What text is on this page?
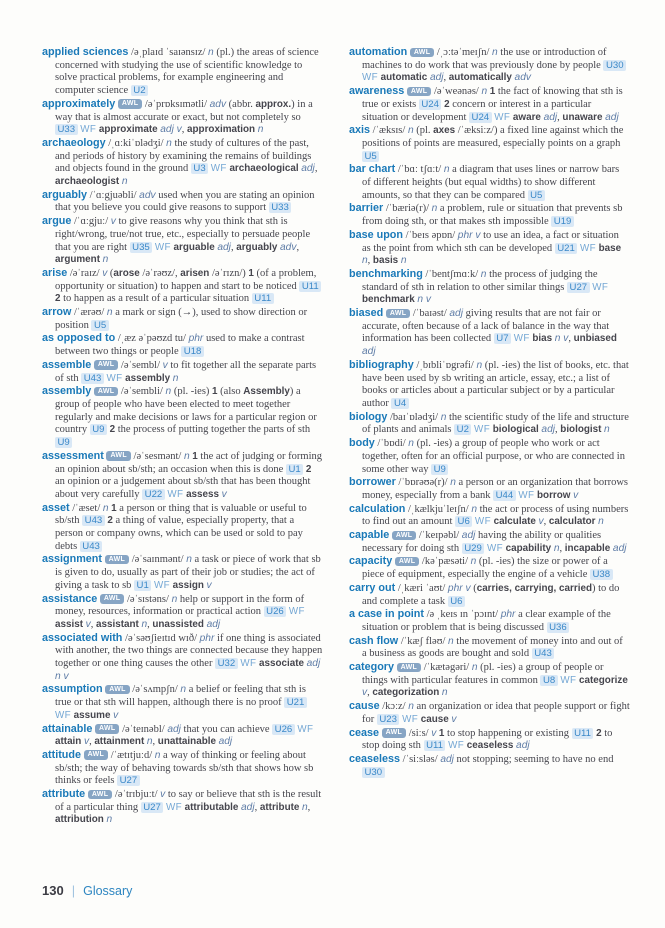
applied sciences /əˌplaɪd ˈsaɪənsɪz/ n (pl.) the areas of science concerned with studying the use of scientific knowledge to solve practical problems, for example engineering and computer science U2

approximately AWL /əˈprɒksɪmətli/ adv (abbr. approx.) in a way that is almost accurate or exact, but not completely so U33 WF approximate adj v, approximation n

archaeology /ˌɑːkiˈɒlədʒi/ n the study of cultures of the past, and periods of history by examining the remains of buildings and objects found in the ground U3 WF archaeological adj, archaeologist n

arguably /ˈɑːgjuəbli/ adv used when you are stating an opinion that you believe you could give reasons to support U33

argue /ˈɑːgjuː/ v to give reasons why you think that sth is right/wrong, true/not true, etc., especially to persuade people that you are right U35 WF arguable adj, arguably adv, argument n

arise /əˈraɪz/ v (arose /əˈrəʊz/, arisen /əˈrɪzn/) 1 (of a problem, opportunity or situation) to happen and start to be noticed U11 2 to happen as a result of a particular situation U11

arrow /ˈærəʊ/ n a mark or sign (→), used to show direction or position U5

as opposed to /ˌæz əˈpəʊzd tu/ phr used to make a contrast between two things or people U18

assemble AWL /əˈsembl/ v to fit together all the separate parts of sth U43 WF assembly n

assembly AWL /əˈsembli/ n (pl. -ies) 1 (also Assembly) a group of people who have been elected to meet together regularly and make decisions or laws for a particular region or country U9 2 the process of putting together the parts of sth U9

assessment AWL /əˈsesmənt/ n 1 the act of judging or forming an opinion about sb/sth; an occasion when this is done U1 2 an opinion or a judgement about sb/sth that has been thought about very carefully U22 WF assess v

asset /ˈæset/ n 1 a person or thing that is valuable or useful to sb/sth U43 2 a thing of value, especially property, that a person or company owns, which can be used or sold to pay debts U43

assignment AWL /əˈsaɪnmənt/ n a task or piece of work that sb is given to do, usually as part of their job or studies; the act of giving a task to sb U1 WF assign v

assistance AWL /əˈsɪstəns/ n help or support in the form of money, resources, information or practical action U26 WF assist v, assistant n, unassisted adj

associated with /əˈsəʊʃieɪtɪd wɪð/ phr if one thing is associated with another, the two things are connected because they happen together or one thing causes the other U32 WF associate adj n v

assumption AWL /əˈsʌmpʃn/ n a belief or feeling that sth is true or that sth will happen, although there is no proof U21 WF assume v

attainable AWL /əˈteɪnəbl/ adj that you can achieve U26 WF attain v, attainment n, unattainable adj

attitude AWL /ˈætɪtjuːd/ n a way of thinking or feeling about sb/sth; the way of behaving towards sb/sth that shows how sb thinks or feels U27

attribute AWL /əˈtrɪbjuːt/ v to say or believe that sth is the result of a particular thing U27 WF attributable adj, attribute n, attribution n

automation AWL /ˌɔːtəˈmeɪʃn/ n the use or introduction of machines to do work that was previously done by people U30 WF automatic adj, automatically adv

awareness AWL /əˈweənəs/ n 1 the fact of knowing that sth is true or exists U24 2 concern or interest in a particular situation or development U24 WF aware adj, unaware adj

axis /ˈæksɪs/ n (pl. axes /ˈæksiːz/) a fixed line against which the positions of points are measured, especially points on a graph U5

bar chart /ˈbɑː tʃɑːt/ n a diagram that uses lines or narrow bars of different heights (but equal widths) to show different amounts, so that they can be compared U5

barrier /ˈbæriə(r)/ n a problem, rule or situation that prevents sb from doing sth, or that makes sth impossible U19

base upon /ˈbeɪs əpɒn/ phr v to use an idea, a fact or situation as the point from which sth can be developed U21 WF base n, basis n

benchmarking /ˈbentʃmɑːk/ n the process of judging the standard of sth in relation to other similar things U27 WF benchmark n v

biased AWL /ˈbaɪəst/ adj giving results that are not fair or accurate, often because of a lack of balance in the way that information has been collected U7 WF bias n v, unbiased adj

bibliography /ˌbɪbliˈɒgrəfi/ n (pl. -ies) the list of books, etc. that have been used by sb writing an article, essay, etc.; a list of books or articles about a particular subject or by a particular author U4

biology /baɪˈɒlədʒi/ n the scientific study of the life and structure of plants and animals U2 WF biological adj, biologist n

body /ˈbɒdi/ n (pl. -ies) a group of people who work or act together, often for an official purpose, or who are connected in some other way U9

borrower /ˈbɒrəʊə(r)/ n a person or an organization that borrows money, especially from a bank U44 WF borrow v

calculation /ˌkælkjuˈleɪʃn/ n the act or process of using numbers to find out an amount U6 WF calculate v, calculator n

capable AWL /ˈkeɪpəbl/ adj having the ability or qualities necessary for doing sth U29 WF capability n, incapable adj

capacity AWL /kəˈpæsəti/ n (pl. -ies) the size or power of a piece of equipment, especially the engine of a vehicle U38

carry out /ˌkæri ˈaʊt/ phr v (carries, carrying, carried) to do and complete a task U6

a case in point /ə ˌkeɪs ɪn ˈpɔɪnt/ phr a clear example of the situation or problem that is being discussed U36

cash flow /ˈkæʃ fləʊ/ n the movement of money into and out of a business as goods are bought and sold U43

category AWL /ˈkætəgəri/ n (pl. -ies) a group of people or things with particular features in common U8 WF categorize v, categorization n

cause /kɔːz/ n an organization or idea that people support or fight for U23 WF cause v

cease AWL /siːs/ v 1 to stop happening or existing U11 2 to stop doing sth U11 WF ceaseless adj

ceaseless /ˈsiːsləs/ adj not stopping; seeming to have no end U30

130 | Glossary
